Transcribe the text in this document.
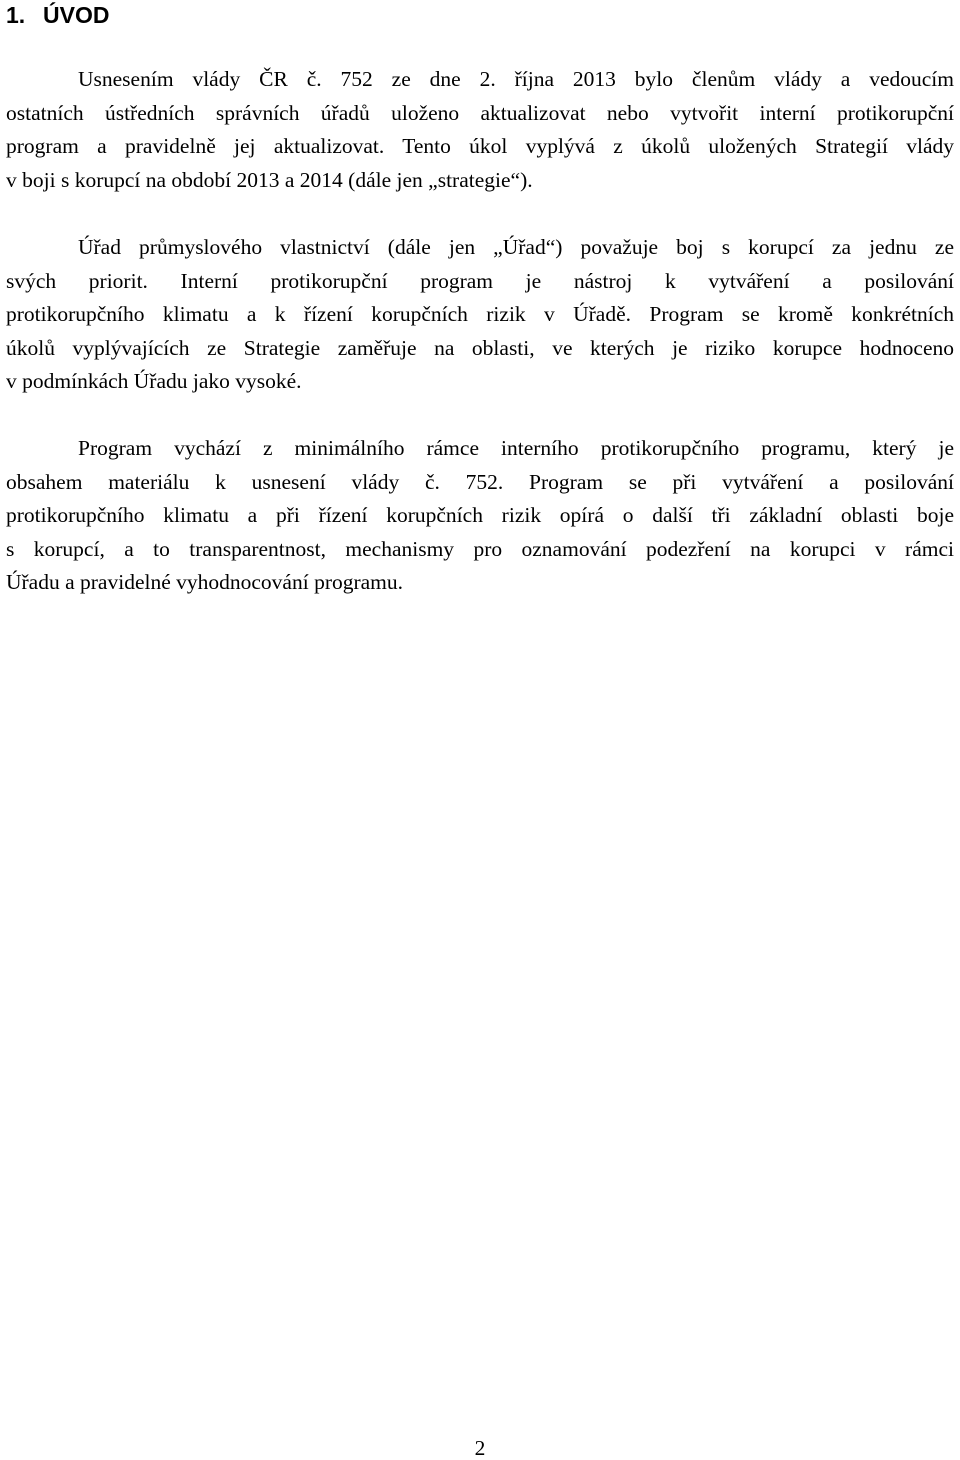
1. ÚVOD
Usnesením vlády ČR č. 752 ze dne 2. října 2013 bylo členům vlády a vedoucím
ostatních ústředních správních úřadů uloženo aktualizovat nebo vytvořit interní protikorupční
program a pravidelně jej aktualizovat. Tento úkol vyplývá z úkolů uložených Strategií vlády
v boji s korupcí na období 2013 a 2014 (dále jen „strategie“).
Úřad průmyslového vlastnictví (dále jen „Úřad“) považuje boj s korupcí za jednu ze
svých priorit. Interní protikorupční program je nástroj k vytváření a posilování
protikorupčního klimatu a k řízení korupčních rizik v Úřadě. Program se kromě konkrétních
úkolů vyplývajících ze Strategie zaměřuje na oblasti, ve kterých je riziko korupce hodnoceno
v podmínkách Úřadu jako vysoké.
Program vychází z minimálního rámce interního protikorupčního programu, který je
obsahem materiálu k usnesení vlády č. 752. Program se při vytváření a posilování
protikorupčního klimatu a při řízení korupčních rizik opírá o další tři základní oblasti boje
s korupcí, a to transparentnost, mechanismy pro oznamování podezření na korupci v rámci
Úřadu a pravidelné vyhodnocování programu.
2
